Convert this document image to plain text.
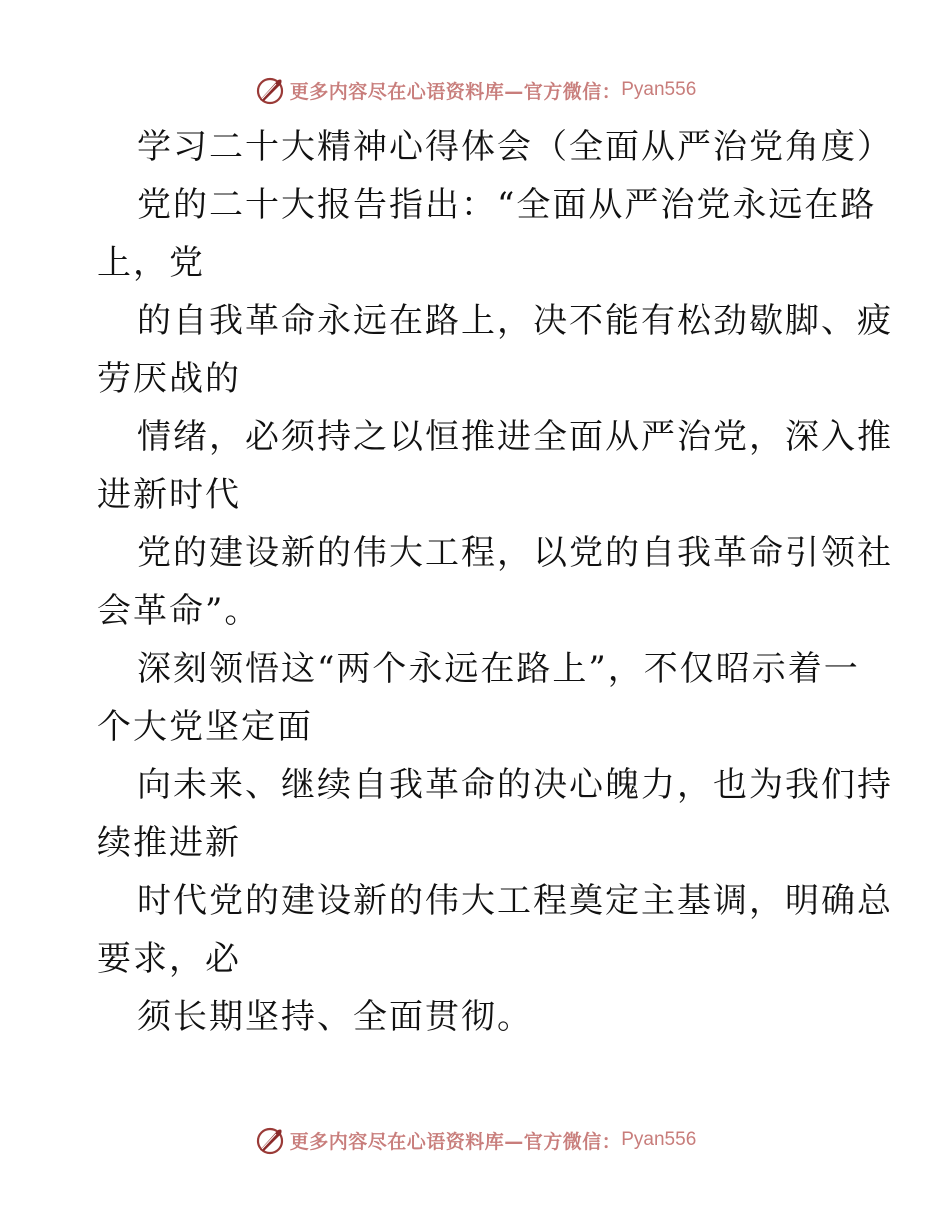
更多内容尽在心语资料库—官方微信： Pyan556
学习二十大精神心得体会（全面从严治党角度）
党的二十大报告指出：“全面从严治党永远在路
上，党
的自我革命永远在路上，决不能有松劲歇脚、疲
劳厌战的
情绪，必须持之以恒推进全面从严治党，深入推
进新时代
党的建设新的伟大工程，以党的自我革命引领社
会革命”。
深刻领悟这“两个永远在路上”，不仅昭示着一
个大党坚定面
向未来、继续自我革命的决心魄力，也为我们持
续推进新
时代党的建设新的伟大工程奠定主基调，明确总
要求，必
须长期坚持、全面贯彻。
更多内容尽在心语资料库—官方微信： Pyan556
